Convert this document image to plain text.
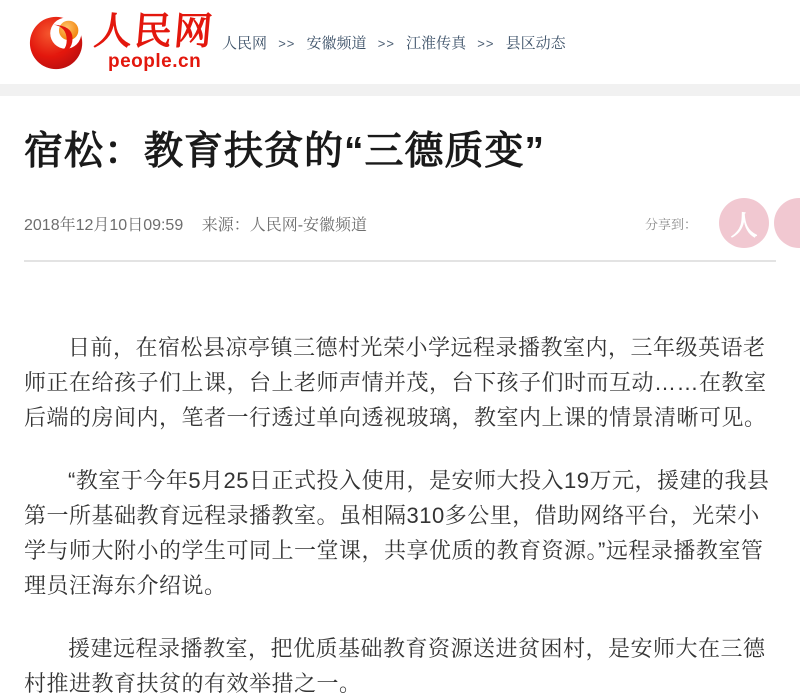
人民网
people.cn
人民网 >> 安徽频道 >> 江淮传真 >> 县区动态
宿松：教育扶贫的“三德质变”
2018年12月10日09:59 来源：人民网-安徽频道	分享到：	人

日前，在宿松县凉亭镇三德村光荣小学远程录播教室内，三年级英语老师正在给孩子们上课，台上老师声情并茂，台下孩子们时而互动……在教室后端的房间内，笔者一行透过单向透视玻璃，教室内上课的情景清晰可见。

“教室于今年5月25日正式投入使用，是安师大投入19万元，援建的我县第一所基础教育远程录播教室。虽相隔310多公里，借助网络平台，光荣小学与师大附小的学生可同上一堂课，共享优质的教育资源。”远程录播教室管理员汪海东介绍说。

援建远程录播教室，把优质基础教育资源送进贫困村，是安师大在三德村推进教育扶贫的有效举措之一。
